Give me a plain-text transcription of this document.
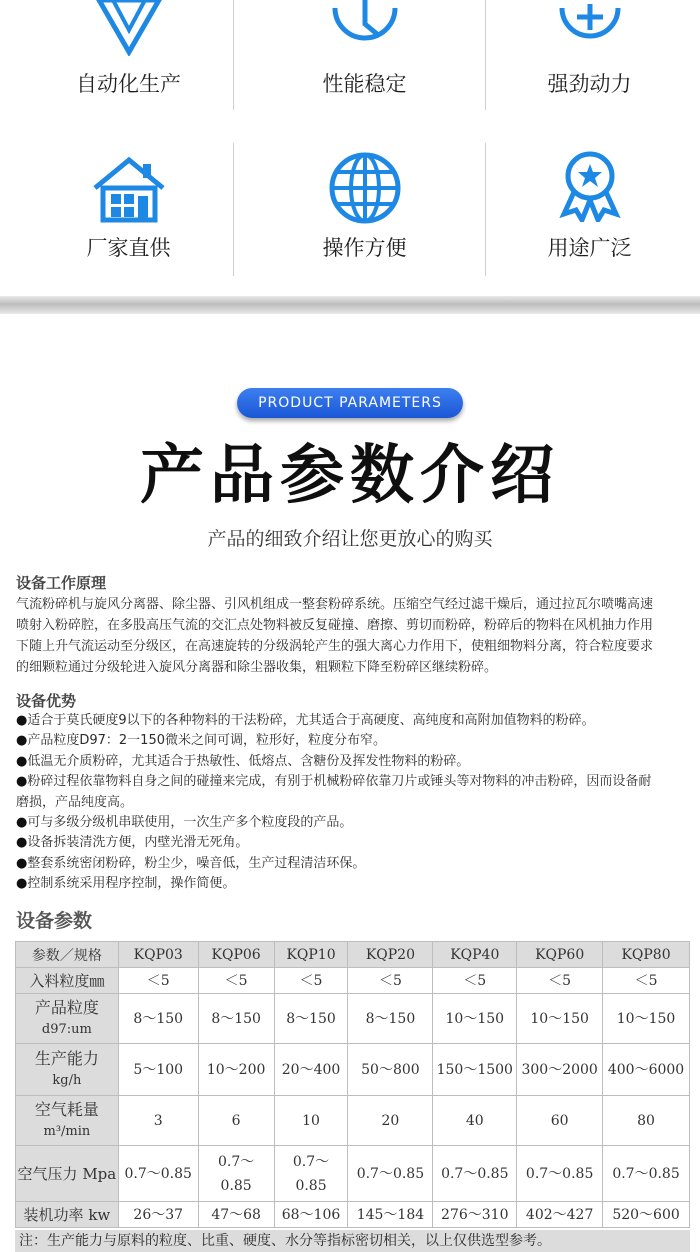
自动化生产	性能稳定	强劲动力
厂家直供	操作方便	用途广泛
PRODUCT PARAMETERS
产品参数介绍
产品的细致介绍让您更放心的购买
设备工作原理
气流粉碎机与旋风分离器、除尘器、引风机组成一整套粉碎系统。压缩空气经过滤干燥后，通过拉瓦尔喷嘴高速
喷射入粉碎腔，在多股高压气流的交汇点处物料被反复碰撞、磨擦、剪切而粉碎，粉碎后的物料在风机抽力作用
下随上升气流运动至分级区，在高速旋转的分级涡轮产生的强大离心力作用下，使粗细物料分离，符合粒度要求
的细颗粒通过分级轮进入旋风分离器和除尘器收集，粗颗粒下降至粉碎区继续粉碎。
设备优势
●适合于莫氏硬度9以下的各种物料的干法粉碎，尤其适合于高硬度、高纯度和高附加值物料的粉碎。
●产品粒度D97：2一150微米之间可调，粒形好，粒度分布窄。
●低温无介质粉碎，尤其适合于热敏性、低熔点、含糖份及挥发性物料的粉碎。
●粉碎过程依靠物料自身之间的碰撞来完成，有别于机械粉碎依靠刀片或锤头等对物料的冲击粉碎，因而设备耐
磨损，产品纯度高。
●可与多级分级机串联使用，一次生产多个粒度段的产品。
●设备拆装清洗方便，内壁光滑无死角。
●整套系统密闭粉碎，粉尘少，噪音低，生产过程清洁环保。
●控制系统采用程序控制，操作简便。
设备参数
参数／规格	KQP03	KQP06	KQP10	KQP20	KQP40	KQP60	KQP80

入料粒度㎜	＜5	＜5	＜5	＜5	＜5	＜5	＜5

产品粒度
d97:um	8～150	8～150	8～150	8～150	10～150	10～150	10～150

生产能力
kg/h	5～100	10～200	20～400	50～800	150～1500	300～2000	400～6000

空气耗量
m³/min	3	6	10	20	40	60	80

空气压力 Mpa	0.7～0.85	0.7～
0.85	0.7～
0.85	0.7～0.85	0.7～0.85	0.7～0.85	0.7～0.85

装机功率 kw	26～37	47～68	68～106	145～184	276～310	402～427	520～600
注：生产能力与原料的粒度、比重、硬度、水分等指标密切相关，以上仅供选型参考。
